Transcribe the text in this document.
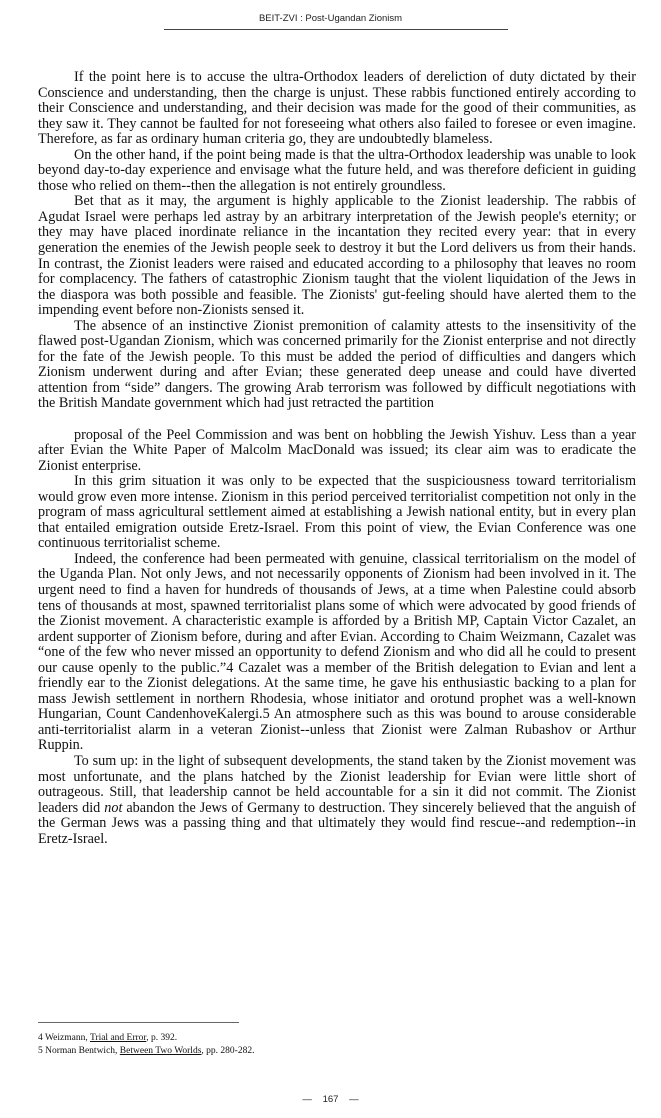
BEIT-ZVI : Post-Ugandan Zionism

If the point here is to accuse the ultra-Orthodox leaders of dereliction of duty dictated by their Conscience and understanding, then the charge is unjust. These rabbis functioned entirely according to their Conscience and understanding, and their decision was made for the good of their communities, as they saw it. They cannot be faulted for not foreseeing what others also failed to foresee or even imagine. Therefore, as far as ordinary human criteria go, they are undoubtedly blameless.

On the other hand, if the point being made is that the ultra-Orthodox leadership was unable to look beyond day-to-day experience and envisage what the future held, and was therefore deficient in guiding those who relied on them--then the allegation is not entirely groundless.

Bet that as it may, the argument is highly applicable to the Zionist leadership. The rabbis of Agudat Israel were perhaps led astray by an arbitrary interpretation of the Jewish people's eternity; or they may have placed inordinate reliance in the incantation they recited every year: that in every generation the enemies of the Jewish people seek to destroy it but the Lord delivers us from their hands. In contrast, the Zionist leaders were raised and educated according to a philosophy that leaves no room for complacency. The fathers of catastrophic Zionism taught that the violent liquidation of the Jews in the diaspora was both possible and feasible. The Zionists' gut-feeling should have alerted them to the impending event before non-Zionists sensed it.

The absence of an instinctive Zionist premonition of calamity attests to the insensitivity of the flawed post-Ugandan Zionism, which was concerned primarily for the Zionist enterprise and not directly for the fate of the Jewish people. To this must be added the period of difficulties and dangers which Zionism underwent during and after Evian; these generated deep unease and could have diverted attention from “side” dangers. The growing Arab terrorism was followed by difficult negotiations with the British Mandate government which had just retracted the partition

proposal of the Peel Commission and was bent on hobbling the Jewish Yishuv. Less than a year after Evian the White Paper of Malcolm MacDonald was issued; its clear aim was to eradicate the Zionist enterprise.

In this grim situation it was only to be expected that the suspiciousness toward territorialism would grow even more intense. Zionism in this period perceived territorialist competition not only in the program of mass agricultural settlement aimed at establishing a Jewish national entity, but in every plan that entailed emigration outside Eretz-Israel. From this point of view, the Evian Conference was one continuous territorialist scheme.

Indeed, the conference had been permeated with genuine, classical territorialism on the model of the Uganda Plan. Not only Jews, and not necessarily opponents of Zionism had been involved in it. The urgent need to find a haven for hundreds of thousands of Jews, at a time when Palestine could absorb tens of thousands at most, spawned territorialist plans some of which were advocated by good friends of the Zionist movement. A characteristic example is afforded by a British MP, Captain Victor Cazalet, an ardent supporter of Zionism before, during and after Evian. According to Chaim Weizmann, Cazalet was “one of the few who never missed an opportunity to defend Zionism and who did all he could to present our cause openly to the public.”4 Cazalet was a member of the British delegation to Evian and lent a friendly ear to the Zionist delegations. At the same time, he gave his enthusiastic backing to a plan for mass Jewish settlement in northern Rhodesia, whose initiator and orotund prophet was a well-known Hungarian, Count CandenhoveKalergi.5 An atmosphere such as this was bound to arouse considerable anti-territorialist alarm in a veteran Zionist--unless that Zionist were Zalman Rubashov or Arthur Ruppin.

To sum up: in the light of subsequent developments, the stand taken by the Zionist movement was most unfortunate, and the plans hatched by the Zionist leadership for Evian were little short of outrageous. Still, that leadership cannot be held accountable for a sin it did not commit. The Zionist leaders did not abandon the Jews of Germany to destruction. They sincerely believed that the anguish of the German Jews was a passing thing and that ultimately they would find rescue--and redemption--in Eretz-Israel.

4 Weizmann, Trial and Error, p. 392.
5 Norman Bentwich, Between Two Worlds, pp. 280-282.
— 167 —
